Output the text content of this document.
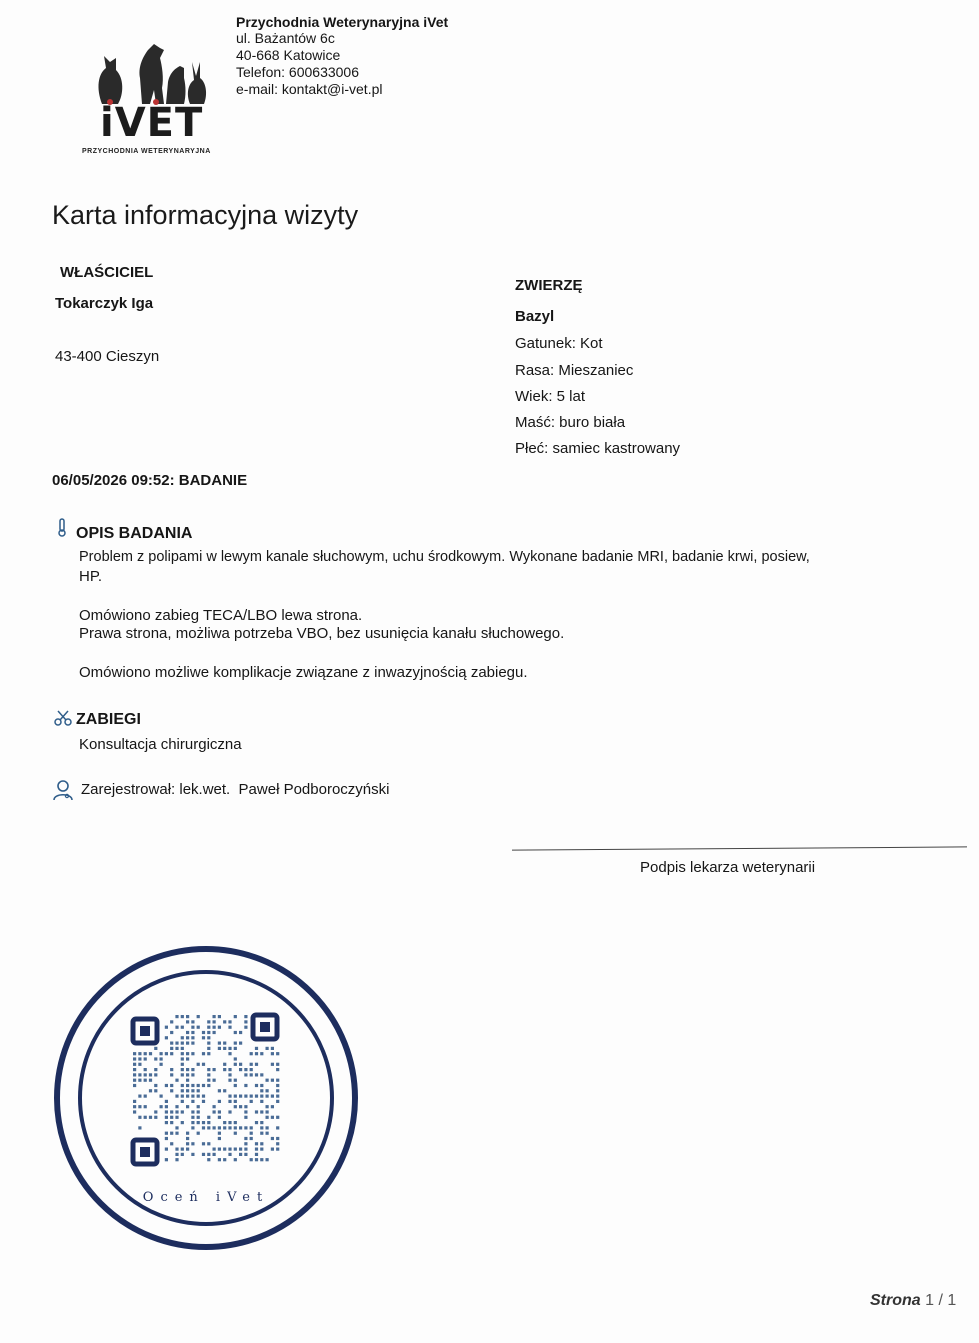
iVET
PRZYCHODNIA WETERYNARYJNA
Przychodnia Weterynaryjna iVet
ul. Bażantów 6c
40-668 Katowice
Telefon: 600633006
e-mail: kontakt@i-vet.pl
Karta informacyjna wizyty
WŁAŚCICIEL
Tokarczyk Iga
43-400 Cieszyn
ZWIERZĘ
Bazyl
Gatunek: Kot
Rasa: Mieszaniec
Wiek: 5 lat
Maść: buro biała
Płeć: samiec kastrowany
06/05/2026 09:52: BADANIE
OPIS BADANIA
Problem z polipami w lewym kanale słuchowym, uchu środkowym. Wykonane badanie MRI, badanie krwi, posiew,
HP.
Omówiono zabieg TECA/LBO lewa strona.
Prawa strona, możliwa potrzeba VBO, bez usunięcia kanału słuchowego.
Omówiono możliwe komplikacje związane z inwazyjnością zabiegu.
ZABIEGI
Konsultacja chirurgiczna
Zarejestrował: lek.wet.  Paweł Podboroczyński
Podpis lekarza weterynarii
Oceń iVet
Strona 1 / 1
